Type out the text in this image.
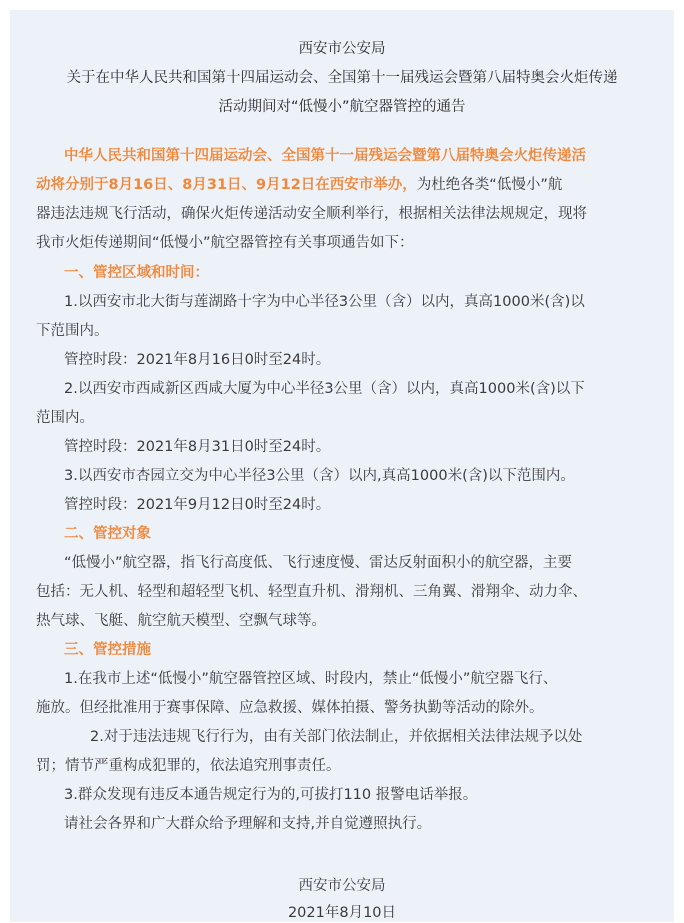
西安市公安局
关于在中华人民共和国第十四届运动会、全国第十一届残运会暨第八届特奥会火炬传递
活动期间对“低慢小”航空器管控的通告
中华人民共和国第十四届运动会、全国第十一届残运会暨第八届特奥会火炬传递活
动将分别于8月16日、8月31日、9月12日在西安市举办，为杜绝各类“低慢小”航
器违法违规飞行活动，确保火炬传递活动安全顺利举行，根据相关法律法规规定，现将
我市火炬传递期间“低慢小”航空器管控有关事项通告如下：
一、管控区域和时间：
1.以西安市北大街与莲湖路十字为中心半径3公里（含）以内，真高1000米(含)以
下范围内。
管控时段：2021年8月16日0时至24时。
2.以西安市西咸新区西咸大厦为中心半径3公里（含）以内，真高1000米(含)以下
范围内。
管控时段：2021年8月31日0时至24时。
3.以西安市杏园立交为中心半径3公里（含）以内,真高1000米(含)以下范围内。
管控时段：2021年9月12日0时至24时。
二、管控对象
“低慢小”航空器，指飞行高度低、飞行速度慢、雷达反射面积小的航空器，主要
包括：无人机、轻型和超轻型飞机、轻型直升机、滑翔机、三角翼、滑翔伞、动力伞、
热气球、飞艇、航空航天模型、空飘气球等。
三、管控措施
1.在我市上述“低慢小”航空器管控区域、时段内，禁止“低慢小”航空器飞行、
施放。但经批准用于赛事保障、应急救援、媒体拍摄、警务执勤等活动的除外。
2.对于违法违规飞行行为，由有关部门依法制止，并依据相关法律法规予以处
罚；情节严重构成犯罪的，依法追究刑事责任。
3.群众发现有违反本通告规定行为的,可拔打110 报警电话举报。
请社会各界和广大群众给予理解和支持,并自觉遵照执行。
西安市公安局
2021年8月10日
